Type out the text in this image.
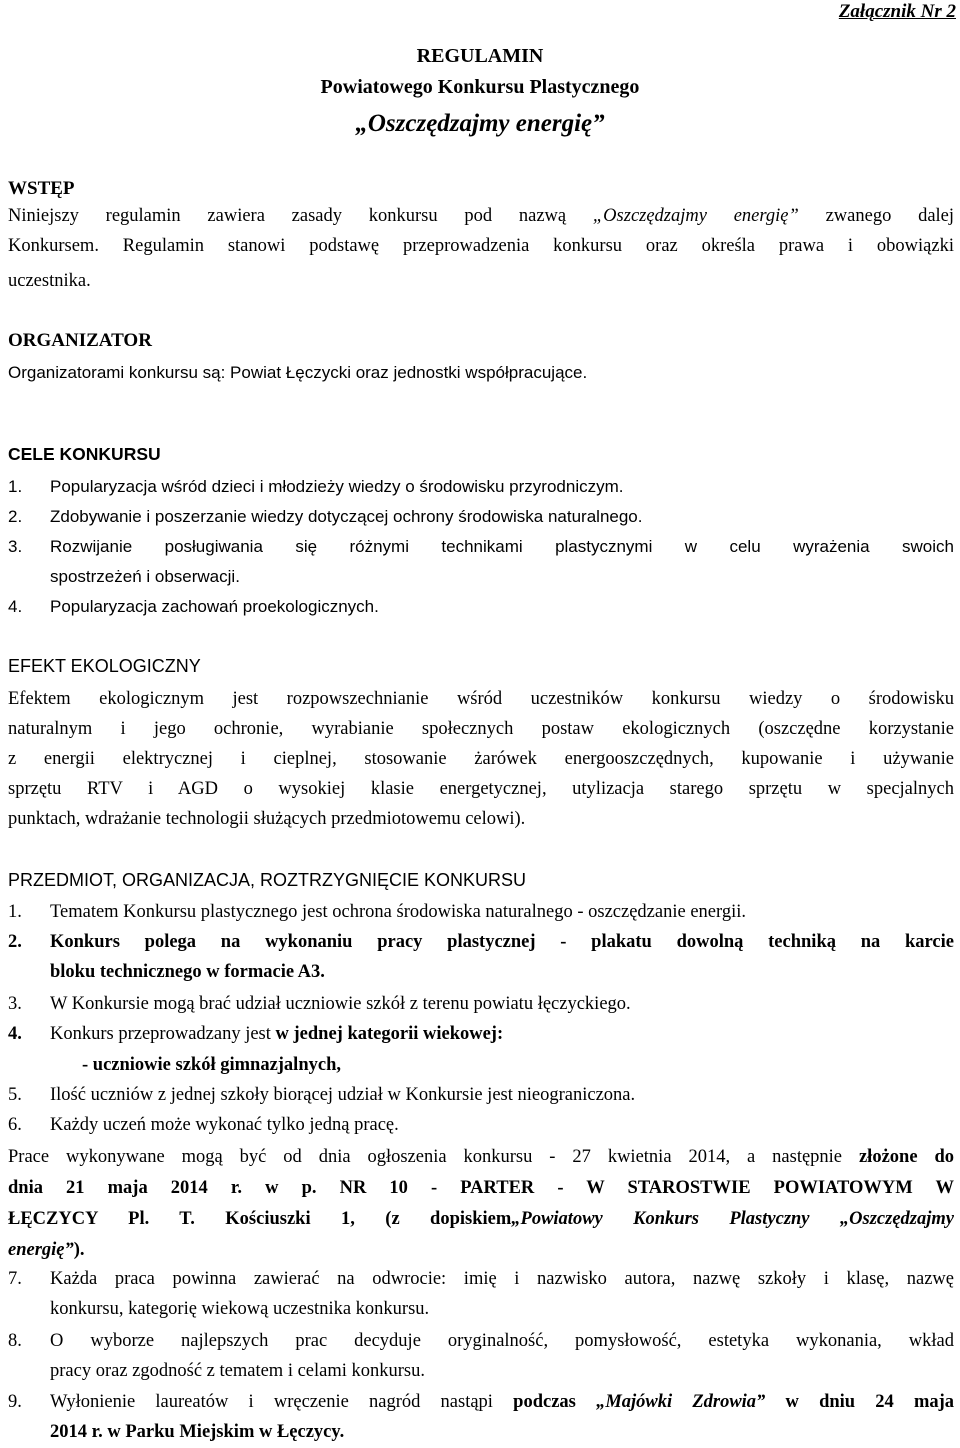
Załącznik Nr 2
REGULAMIN
Powiatowego Konkursu Plastycznego
„Oszczędzajmy energię”
WSTĘP
Niniejszy regulamin zawiera zasady konkursu pod nazwą „Oszczędzajmy energię” zwanego dalej
Konkursem. Regulamin stanowi podstawę przeprowadzenia konkursu oraz określa prawa i obowiązki
uczestnika.
ORGANIZATOR
Organizatorami konkursu są: Powiat Łęczycki oraz jednostki współpracujące.
CELE KONKURSU
1.	Popularyzacja wśród dzieci i młodzieży wiedzy o środowisku przyrodniczym.
2.	Zdobywanie i poszerzanie wiedzy dotyczącej ochrony środowiska naturalnego.
3.	Rozwijanie posługiwania się różnymi technikami plastycznymi w celu wyrażenia swoich
spostrzeżeń i obserwacji.
4.	Popularyzacja zachowań proekologicznych.
EFEKT EKOLOGICZNY
Efektem ekologicznym jest rozpowszechnianie wśród uczestników konkursu wiedzy o środowisku
naturalnym i jego ochronie, wyrabianie społecznych postaw ekologicznych (oszczędne korzystanie
z energii elektrycznej i cieplnej, stosowanie żarówek energooszczędnych, kupowanie i używanie
sprzętu RTV i AGD o wysokiej klasie energetycznej, utylizacja starego sprzętu w specjalnych
punktach, wdrażanie technologii służących przedmiotowemu celowi).
PRZEDMIOT, ORGANIZACJA, ROZTRZYGNIĘCIE KONKURSU
1.	Tematem Konkursu plastycznego jest ochrona środowiska naturalnego - oszczędzanie energii.
2.	Konkurs polega na wykonaniu pracy plastycznej - plakatu dowolną techniką na karcie
bloku technicznego w formacie A3.
3.	W Konkursie mogą brać udział uczniowie szkół z terenu powiatu łęczyckiego.
4.	Konkurs przeprowadzany jest w jednej kategorii wiekowej:
- uczniowie szkół gimnazjalnych,
5.	Ilość uczniów z jednej szkoły biorącej udział w Konkursie jest nieograniczona.
6.	Każdy uczeń może wykonać tylko jedną pracę.
Prace wykonywane mogą być od dnia ogłoszenia konkursu - 27 kwietnia 2014, a następnie złożone do
dnia 21 maja 2014 r. w p. NR 10 - PARTER - W STAROSTWIE POWIATOWYM W
ŁĘCZYCY Pl. T. Kościuszki 1, (z dopiskiem„Powiatowy Konkurs Plastyczny „Oszczędzajmy
energię”).
7.	Każda praca powinna zawierać na odwrocie: imię i nazwisko autora, nazwę szkoły i klasę, nazwę
konkursu, kategorię wiekową uczestnika konkursu.
8.	O wyborze najlepszych prac decyduje oryginalność, pomysłowość, estetyka wykonania, wkład
pracy oraz zgodność z tematem i celami konkursu.
9.	Wyłonienie laureatów i wręczenie nagród nastąpi podczas „Majówki Zdrowia” w dniu 24 maja
2014 r. w Parku Miejskim w Łęczycy.
